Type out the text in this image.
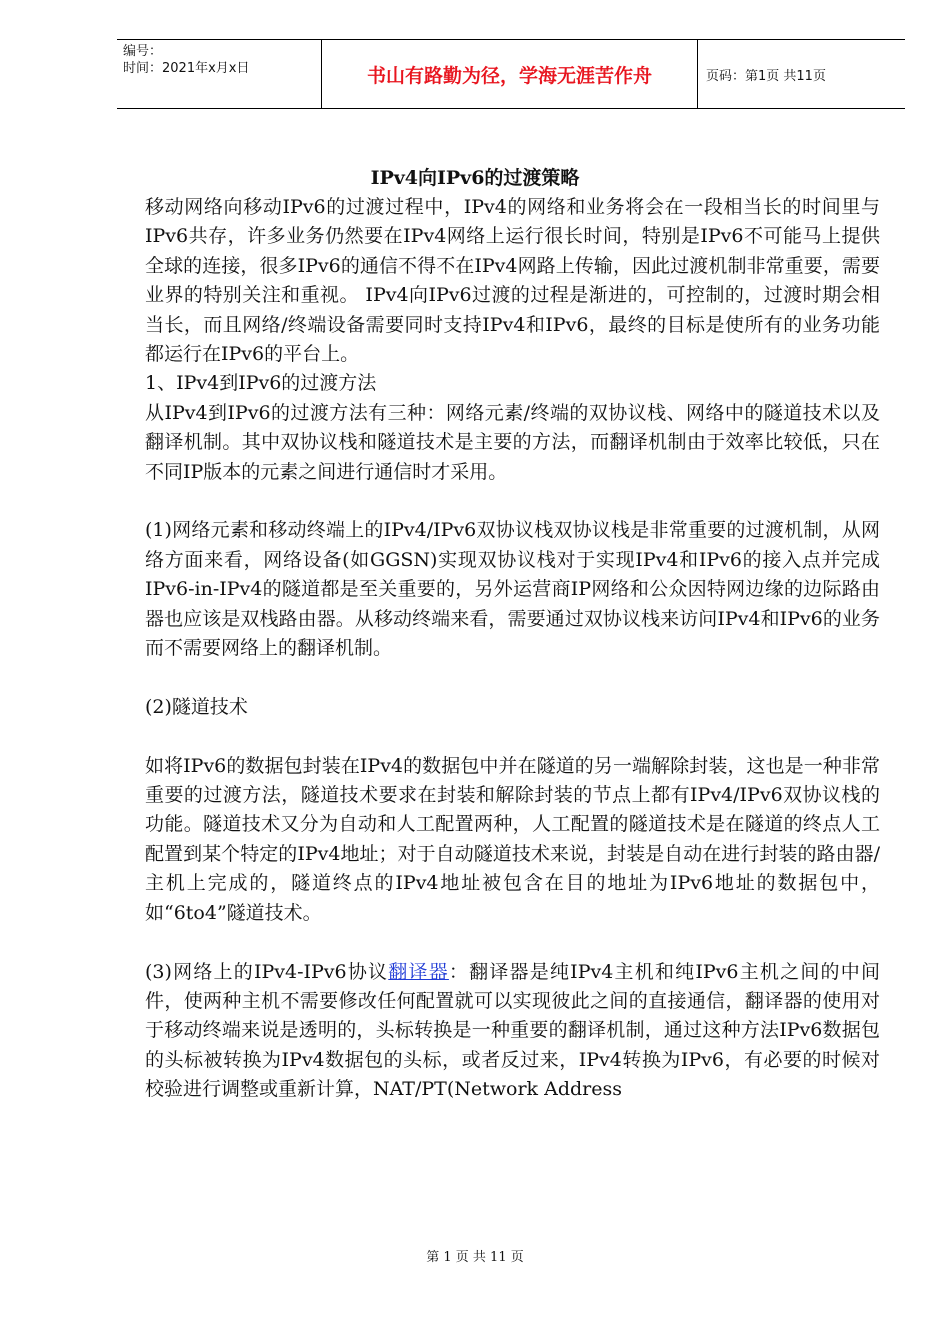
编号：
时间：2021年x月x日	书山有路勤为径，学海无涯苦作舟	页码：第1页 共11页
IPv4向IPv6的过渡策略

移动网络向移动IPv6的过渡过程中，IPv4的网络和业务将会在一段相当长的时间里与IPv6共存，许多业务仍然要在IPv4网络上运行很长时间，特别是IPv6不可能马上提供全球的连接，很多IPv6的通信不得不在IPv4网路上传输，因此过渡机制非常重要，需要业界的特别关注和重视。 IPv4向IPv6过渡的过程是渐进的，可控制的，过渡时期会相当长，而且网络/终端设备需要同时支持IPv4和IPv6，最终的目标是使所有的业务功能都运行在IPv6的平台上。

1、IPv4到IPv6的过渡方法

从IPv4到IPv6的过渡方法有三种：网络元素/终端的双协议栈、网络中的隧道技术以及翻译机制。其中双协议栈和隧道技术是主要的方法，而翻译机制由于效率比较低，只在不同IP版本的元素之间进行通信时才采用。

(1)网络元素和移动终端上的IPv4/IPv6双协议栈双协议栈是非常重要的过渡机制，从网络方面来看，网络设备(如GGSN)实现双协议栈对于实现IPv4和IPv6的接入点并完成IPv6-in-IPv4的隧道都是至关重要的，另外运营商IP网络和公众因特网边缘的边际路由器也应该是双栈路由器。从移动终端来看，需要通过双协议栈来访问IPv4和IPv6的业务而不需要网络上的翻译机制。

(2)隧道技术

如将IPv6的数据包封装在IPv4的数据包中并在隧道的另一端解除封装，这也是一种非常重要的过渡方法，隧道技术要求在封装和解除封装的节点上都有IPv4/IPv6双协议栈的功能。隧道技术又分为自动和人工配置两种，人工配置的隧道技术是在隧道的终点人工配置到某个特定的IPv4地址；对于自动隧道技术来说，封装是自动在进行封装的路由器/主机上完成的，隧道终点的IPv4地址被包含在目的地址为IPv6地址的数据包中，如“6to4”隧道技术。

(3)网络上的IPv4-IPv6协议翻译器：翻译器是纯IPv4主机和纯IPv6主机之间的中间件，使两种主机不需要修改任何配置就可以实现彼此之间的直接通信，翻译器的使用对于移动终端来说是透明的，头标转换是一种重要的翻译机制，通过这种方法IPv6数据包的头标被转换为IPv4数据包的头标，或者反过来，IPv4转换为IPv6，有必要的时候对校验进行调整或重新计算，NAT/PT(Network Address

第 1 页 共 11 页
